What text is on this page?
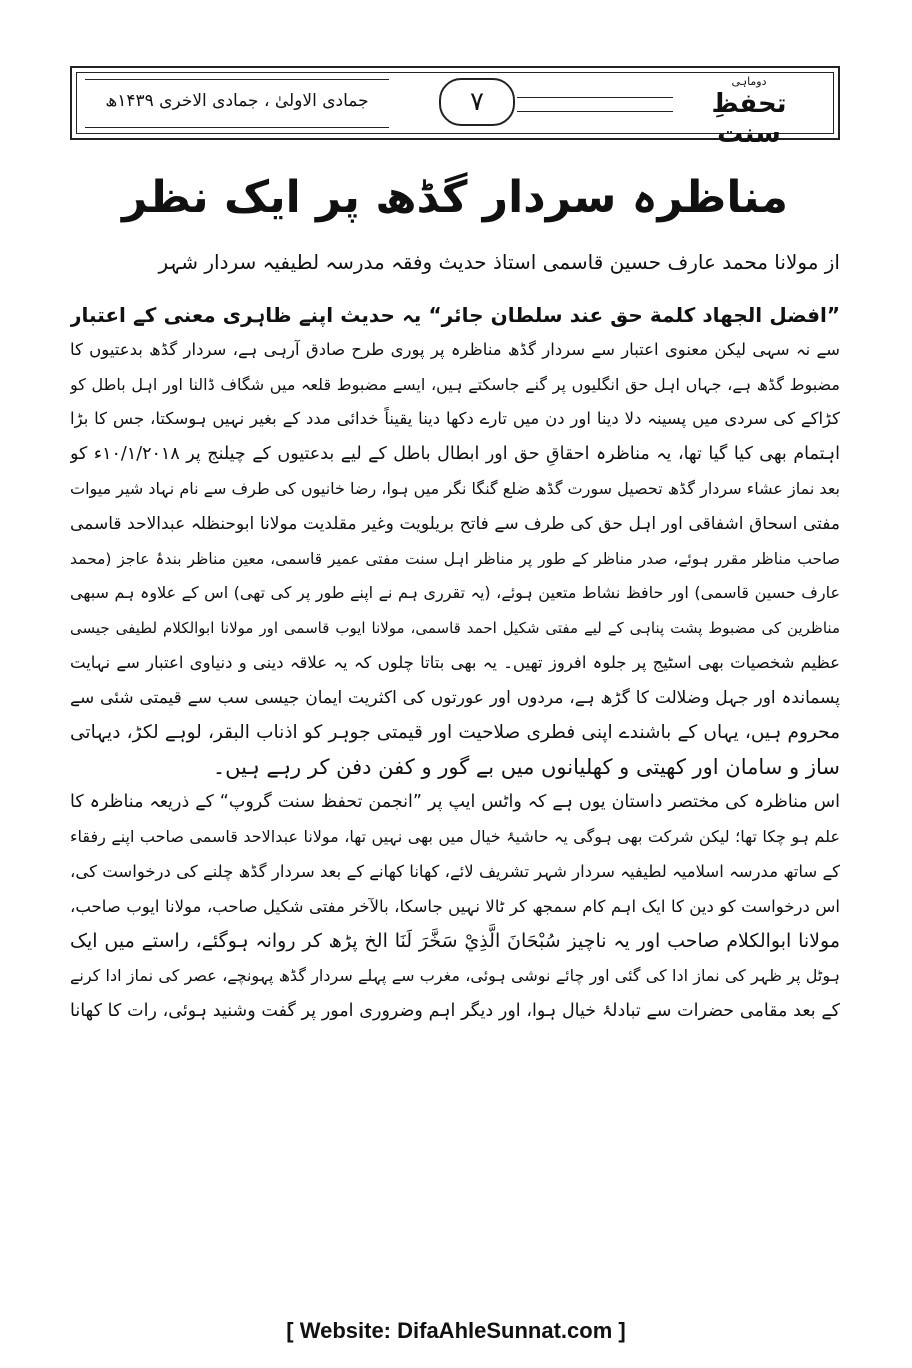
جمادی الاولیٰ ، جمادی الاخری ۱۴۳۹ھ
دوماہی
تحفظِ سنت
۷
مناظرہ سردار گڈھ پر ایک نظر
از مولانا محمد عارف حسین قاسمی استاذ حدیث وفقہ مدرسہ لطیفیہ سردار شہر
”افضل الجهاد كلمة حق عند سلطان جائر“ یہ حدیث اپنے ظاہری معنی کے اعتبار
سے نہ سہی لیکن معنوی اعتبار سے سردار گڈھ مناظرہ پر پوری طرح صادق آرہی ہے، سردار گڈھ بدعتیوں کا
مضبوط گڈھ ہے، جہاں اہل حق انگلیوں پر گنے جاسکتے ہیں، ایسے مضبوط قلعہ میں شگاف ڈالنا اور اہل باطل کو
کڑاکے کی سردی میں پسینہ دلا دینا اور دن میں تارے دکھا دینا یقیناً خدائی مدد کے بغیر نہیں ہوسکتا، جس کا بڑا
اہتمام بھی کیا گیا تھا، یہ مناظرہ احقاقِ حق اور ابطال باطل کے لیے بدعتیوں کے چیلنج پر ۱۰/۱/۲۰۱۸ء کو
بعد نماز عشاء سردار گڈھ تحصیل سورت گڈھ ضلع گنگا نگر میں ہوا، رضا خانیوں کی طرف سے نام نہاد شیر میوات
مفتی اسحاق اشفاقی اور اہل حق کی طرف سے فاتح بریلویت وغیر مقلدیت مولانا ابوحنظلہ عبدالاحد قاسمی
صاحب مناظر مقرر ہوئے، صدر مناظر کے طور پر مناظر اہل سنت مفتی عمیر قاسمی، معین مناظر بندۂ عاجز (محمد
عارف حسین قاسمی) اور حافظ نشاط متعین ہوئے، (یہ تقرری ہم نے اپنے طور پر کی تھی) اس کے علاوہ ہم سبھی
مناظرین کی مضبوط پشت پناہی کے لیے مفتی شکیل احمد قاسمی، مولانا ایوب قاسمی اور مولانا ابوالکلام لطیفی جیسی
عظیم شخصیات بھی اسٹیج پر جلوہ افروز تھیں۔ یہ بھی بتاتا چلوں کہ یہ علاقہ دینی و دنیاوی اعتبار سے نہایت
پسماندہ اور جہل وضلالت کا گڑھ ہے، مردوں اور عورتوں کی اکثریت ایمان جیسی سب سے قیمتی شئی سے
محروم ہیں، یہاں کے باشندے اپنی فطری صلاحیت اور قیمتی جوہر کو اذناب البقر، لوہے لکڑ، دیہاتی
ساز و سامان اور کھیتی و کھلیانوں میں بے گور و کفن دفن کر رہے ہیں۔
اس مناظرہ کی مختصر داستان یوں ہے کہ واٹس ایپ پر ”انجمن تحفظ سنت گروپ“ کے ذریعہ مناظرہ کا
علم ہو چکا تھا؛ لیکن شرکت بھی ہوگی یہ حاشیۂ خیال میں بھی نہیں تھا، مولانا عبدالاحد قاسمی صاحب اپنے رفقاء
کے ساتھ مدرسہ اسلامیہ لطیفیہ سردار شہر تشریف لائے، کھانا کھانے کے بعد سردار گڈھ چلنے کی درخواست کی،
اس درخواست کو دین کا ایک اہم کام سمجھ کر ٹالا نہیں جاسکا، بالآخر مفتی شکیل صاحب، مولانا ایوب صاحب،
مولانا ابوالکلام صاحب اور یہ ناچیز سُبْحَانَ الَّذِيْ سَخَّرَ لَنَا الخ پڑھ کر روانہ ہوگئے، راستے میں ایک
ہوٹل پر ظہر کی نماز ادا کی گئی اور چائے نوشی ہوئی، مغرب سے پہلے سردار گڈھ پہونچے، عصر کی نماز ادا کرنے
کے بعد مقامی حضرات سے تبادلۂ خیال ہوا، اور دیگر اہم وضروری امور پر گفت وشنید ہوئی، رات کا کھانا
[ Website: DifaAhleSunnat.com ]
